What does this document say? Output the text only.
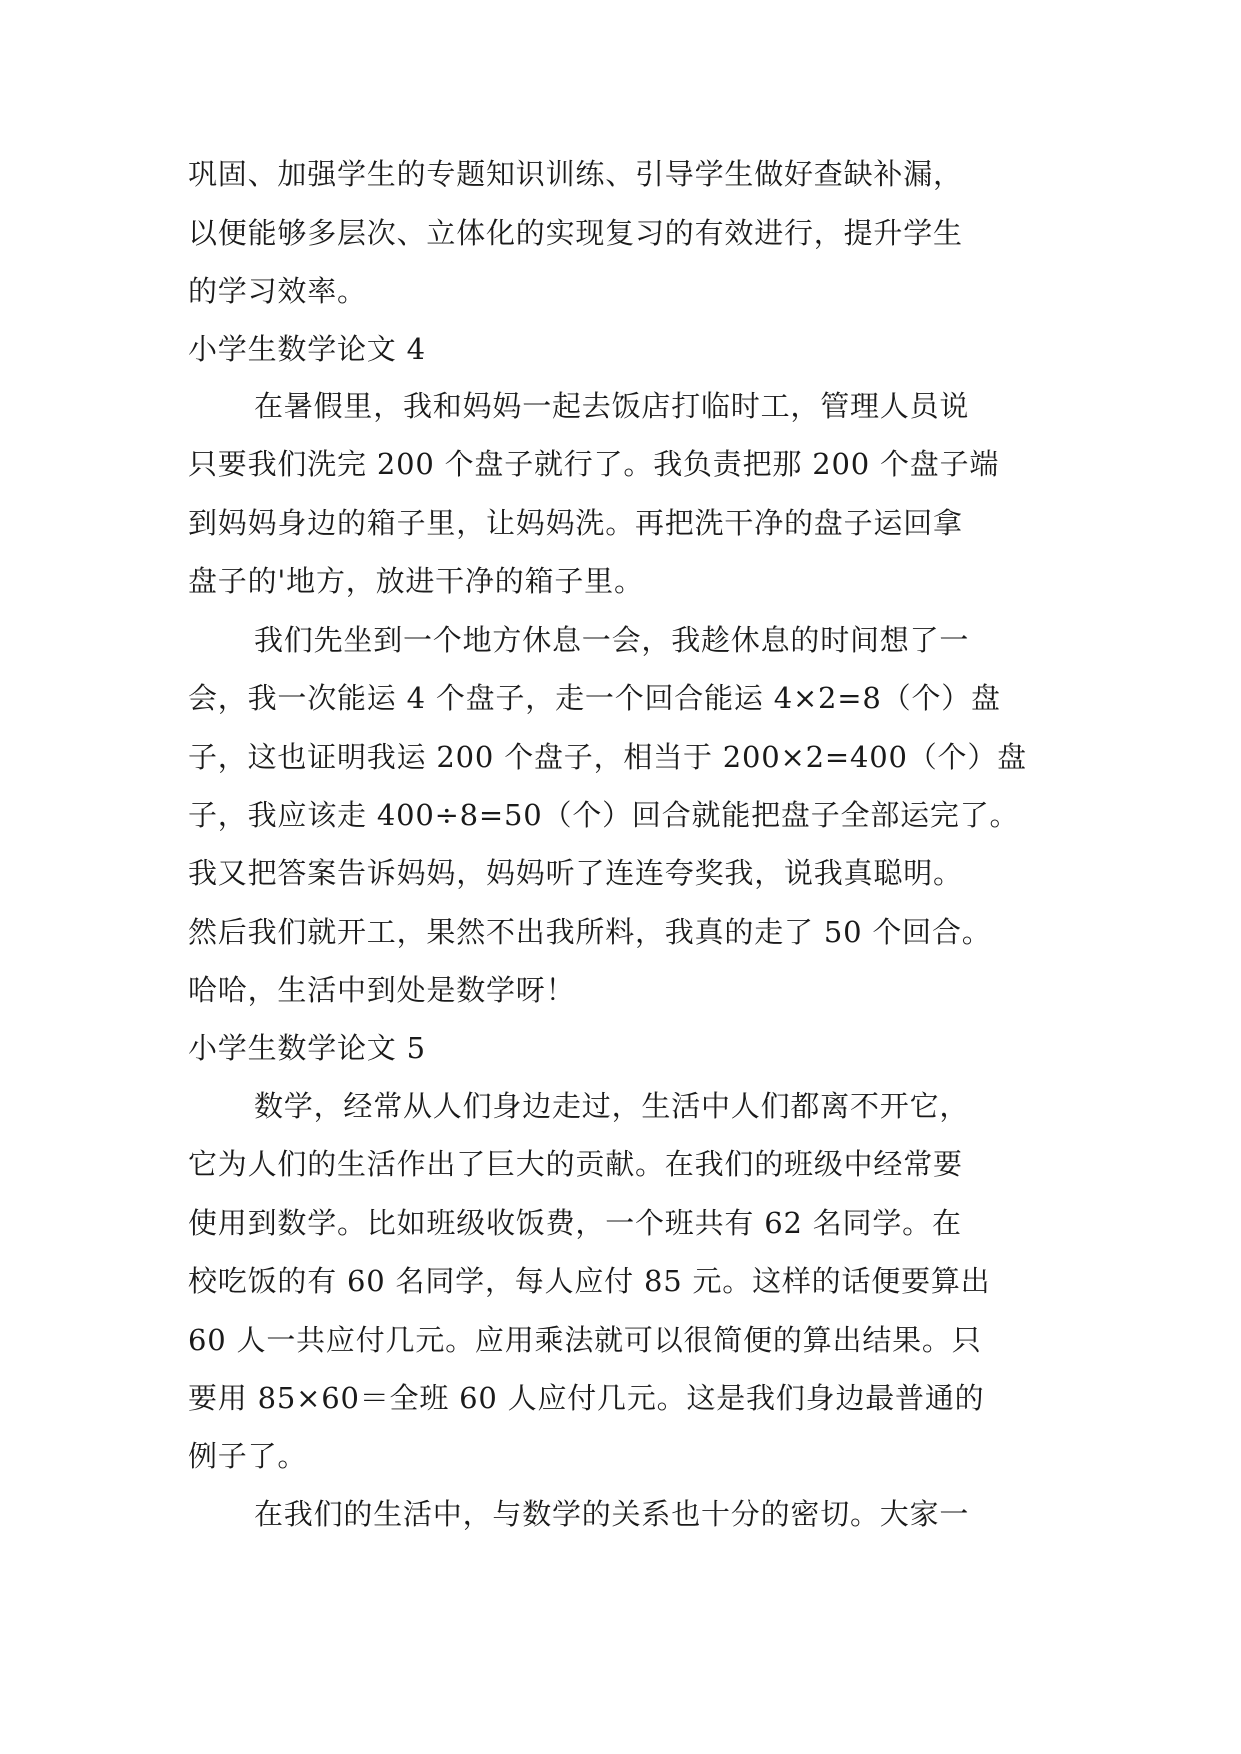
巩固、加强学生的专题知识训练、引导学生做好查缺补漏，
以便能够多层次、立体化的实现复习的有效进行，提升学生
的学习效率。
小学生数学论文 4
在暑假里，我和妈妈一起去饭店打临时工，管理人员说
只要我们洗完 200 个盘子就行了。我负责把那 200 个盘子端
到妈妈身边的箱子里，让妈妈洗。再把洗干净的盘子运回拿
盘子的'地方，放进干净的箱子里。
我们先坐到一个地方休息一会，我趁休息的时间想了一
会，我一次能运 4 个盘子，走一个回合能运 4×2=8（个）盘
子，这也证明我运 200 个盘子，相当于 200×2=400（个）盘
子，我应该走 400÷8=50（个）回合就能把盘子全部运完了。
我又把答案告诉妈妈，妈妈听了连连夸奖我，说我真聪明。
然后我们就开工，果然不出我所料，我真的走了 50 个回合。
哈哈，生活中到处是数学呀！
小学生数学论文 5
数学，经常从人们身边走过，生活中人们都离不开它，
它为人们的生活作出了巨大的贡献。在我们的班级中经常要
使用到数学。比如班级收饭费，一个班共有 62 名同学。在
校吃饭的有 60 名同学，每人应付 85 元。这样的话便要算出
60 人一共应付几元。应用乘法就可以很简便的算出结果。只
要用 85×60＝全班 60 人应付几元。这是我们身边最普通的
例子了。
在我们的生活中，与数学的关系也十分的密切。大家一
